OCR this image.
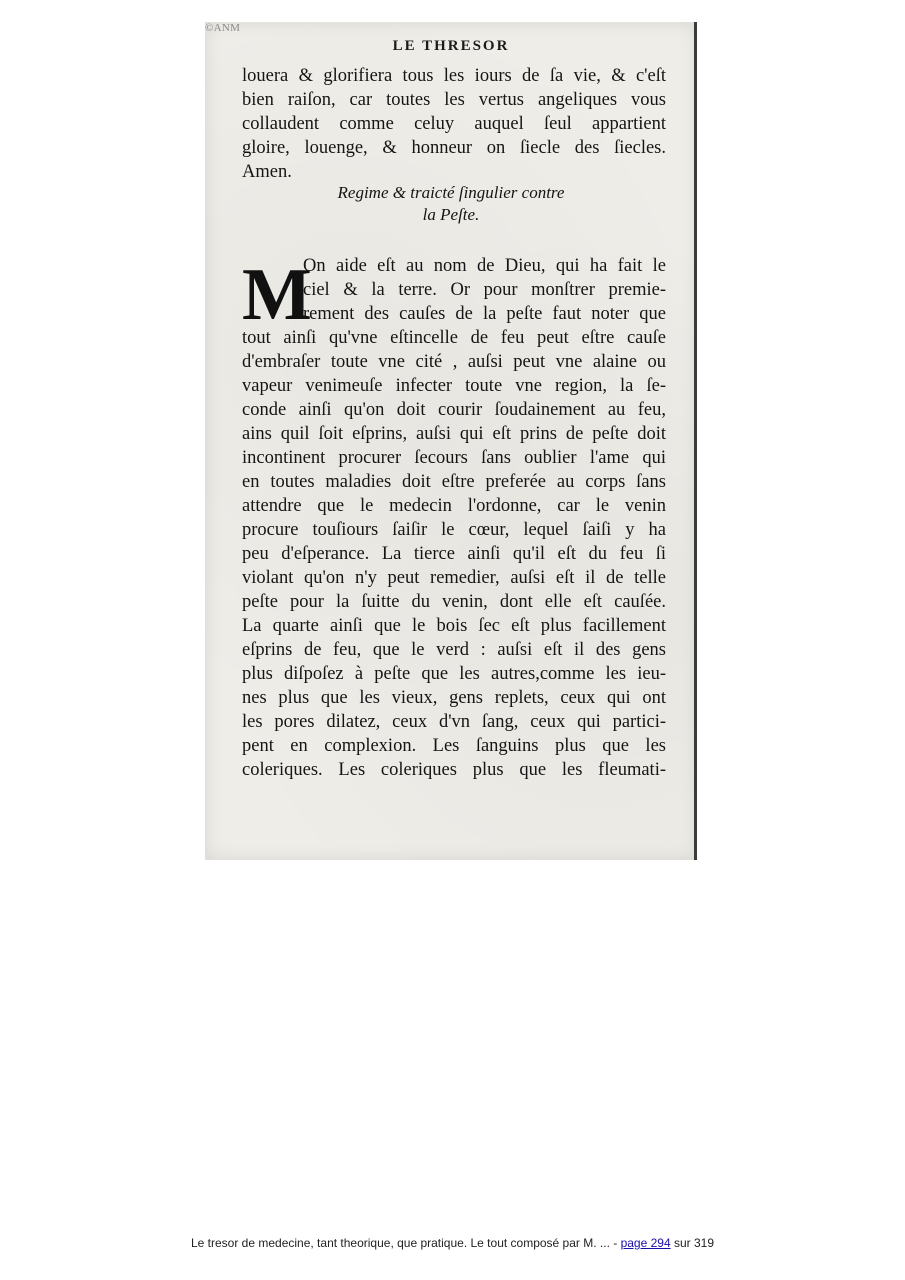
©ANM
LE THRESOR
louera & glorifiera tous les iours de ſa vie, & c'eſt
bien raiſon, car toutes les vertus angeliques vous
collaudent comme celuy auquel ſeul appartient
gloire, louenge, & honneur on ſiecle des ſiecles.
Amen.
Regime & traicté ſingulier contre
la Peſte.
M
On aide eſt au nom de Dieu, qui ha fait le
ciel & la terre. Or pour monſtrer premie-
rement des cauſes de la peſte faut noter que
tout ainſi qu'vne eſtincelle de feu peut eſtre cauſe
d'embraſer toute vne cité , auſsi peut vne alaine ou
vapeur venimeuſe infecter toute vne region, la ſe-
conde ainſi qu'on doit courir ſoudainement au feu,
ains quil ſoit eſprins, auſsi qui eſt prins de peſte doit
incontinent procurer ſecours ſans oublier l'ame qui
en toutes maladies doit eſtre preferée au corps ſans
attendre que le medecin l'ordonne, car le venin
procure touſiours ſaiſir le cœur, lequel ſaiſi y ha
peu d'eſperance. La tierce ainſi qu'il eſt du feu ſi
violant qu'on n'y peut remedier, auſsi eſt il de telle
peſte pour la ſuitte du venin, dont elle eſt cauſée.
La quarte ainſi que le bois ſec eſt plus facillement
eſprins de feu, que le verd : auſsi eſt il des gens
plus diſpoſez à peſte que les autres,comme les ieu-
nes plus que les vieux, gens replets, ceux qui ont
les pores dilatez, ceux d'vn ſang, ceux qui partici-
pent en complexion. Les ſanguins plus que les
coleriques. Les coleriques plus que les fleumati-
Le tresor de medecine, tant theorique, que pratique. Le tout composé par M. ... - page 294 sur 319
